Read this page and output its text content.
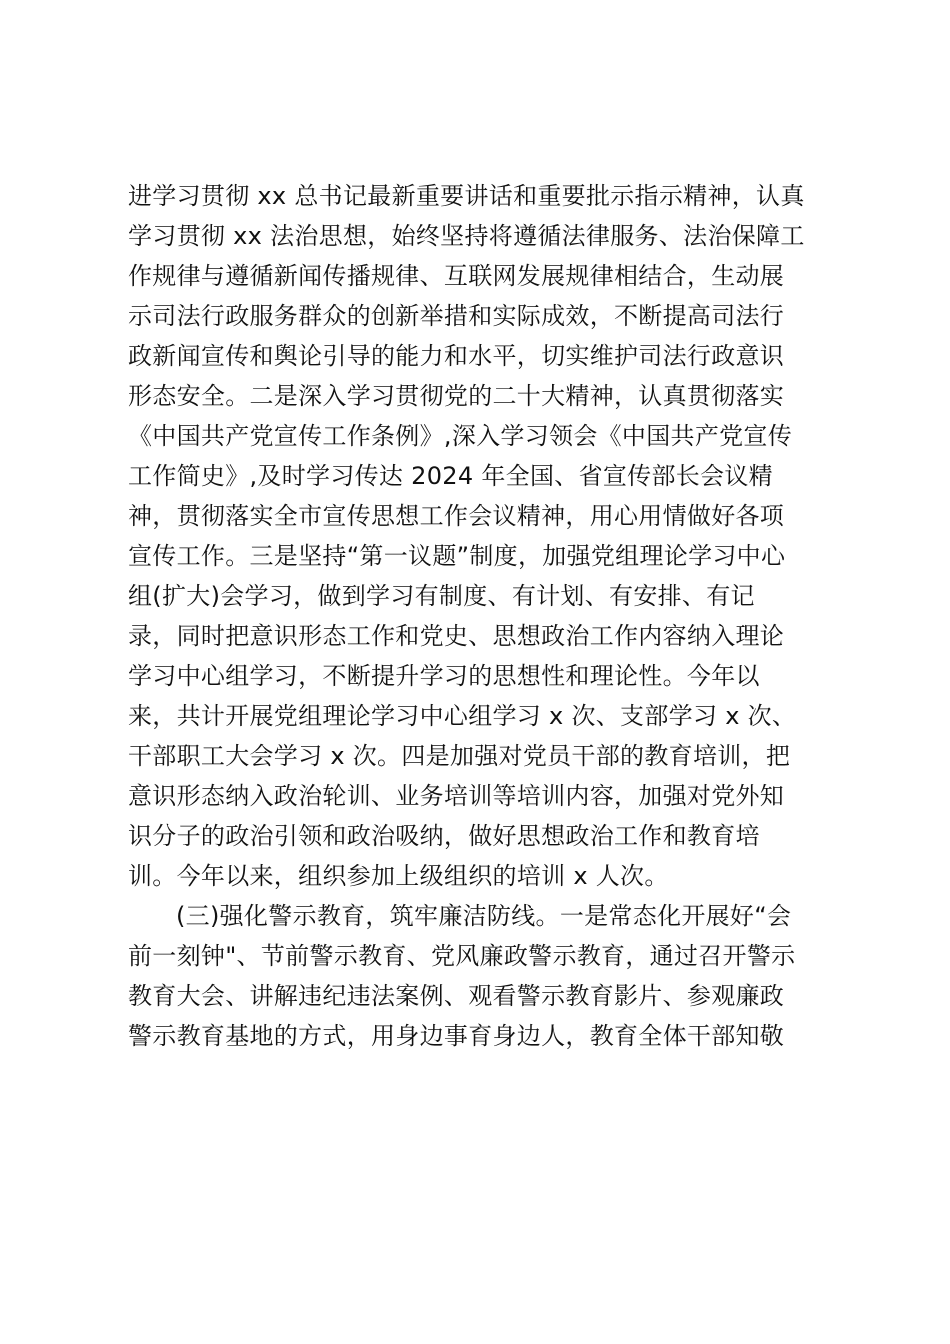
进学习贯彻 xx 总书记最新重要讲话和重要批示指示精神，认真
学习贯彻 xx 法治思想，始终坚持将遵循法律服务、法治保障工
作规律与遵循新闻传播规律、互联网发展规律相结合，生动展
示司法行政服务群众的创新举措和实际成效，不断提高司法行
政新闻宣传和舆论引导的能力和水平，切实维护司法行政意识
形态安全。二是深入学习贯彻党的二十大精神，认真贯彻落实
《中国共产党宣传工作条例》,深入学习领会《中国共产党宣传
工作简史》,及时学习传达 2024 年全国、省宣传部长会议精
神，贯彻落实全市宣传思想工作会议精神，用心用情做好各项
宣传工作。三是坚持“第一议题”制度，加强党组理论学习中心
组(扩大)会学习，做到学习有制度、有计划、有安排、有记
录，同时把意识形态工作和党史、思想政治工作内容纳入理论
学习中心组学习，不断提升学习的思想性和理论性。今年以
来，共计开展党组理论学习中心组学习 x 次、支部学习 x 次、
干部职工大会学习 x 次。四是加强对党员干部的教育培训，把
意识形态纳入政治轮训、业务培训等培训内容，加强对党外知
识分子的政治引领和政治吸纳，做好思想政治工作和教育培
训。今年以来，组织参加上级组织的培训 x 人次。
(三)强化警示教育，筑牢廉洁防线。一是常态化开展好“会
前一刻钟"、节前警示教育、党风廉政警示教育，通过召开警示
教育大会、讲解违纪违法案例、观看警示教育影片、参观廉政
警示教育基地的方式，用身边事育身边人，教育全体干部知敬
